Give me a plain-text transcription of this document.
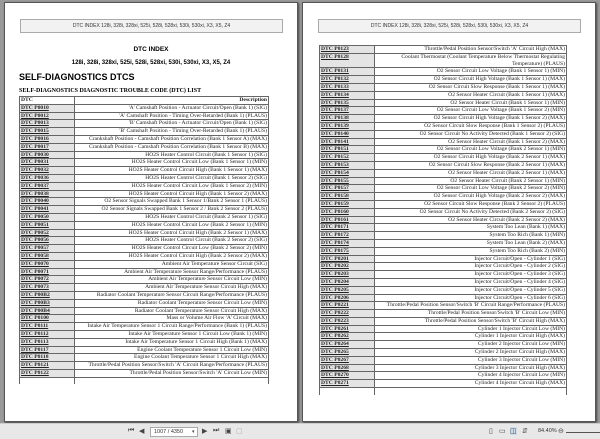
DTC INDEX 128i, 328i, 328xi, 525i, 528i, 528xi, 530i, 530xi, X3, X5, Z4
DTC INDEX
128i, 328i, 328xi, 525i, 528i, 528xi, 530i, 530xi, X3, X5, Z4
SELF-DIAGNOSTICS DTCS
SELF-DIAGNOSTICS DIAGNOSTIC TROUBLE CODE (DTC) LIST
DTC	Description
DTC P0010	'A' Camshaft Position - Actuator Circuit/Open (Bank 1) (SIG)
DTC P0012	'A' Camshaft Position - Timing Over-Retarded (Bank 1) (PLAUS)
DTC P0013	'B' Camshaft Position - Actuator Circuit/Open (Bank 1) (SIG)
DTC P0015	'B' Camshaft Position - Timing Over-Retarded (Bank 1) (PLAUS)
DTC P0016	Crankshaft Position - Camshaft Position Correlation (Bank 1 Sensor A) (MAX)
DTC P0017	Crankshaft Position - Camshaft Position Correlation (Bank 1 Sensor B) (MAX)
DTC P0030	HO2S Heater Control Circuit (Bank 1 Sensor 1) (SIG)
DTC P0031	HO2S Heater Control Circuit Low (Bank 1 Sensor 1) (MIN)
DTC P0032	HO2S Heater Control Circuit High (Bank 1 Sensor 1) (MAX)
DTC P0036	HO2S Heater Control Circuit (Bank 1 Sensor 2) (SIG)
DTC P0037	HO2S Heater Control Circuit Low (Bank 1 Sensor 2) (MIN)
DTC P0038	HO2S Heater Control Circuit High (Bank 1 Sensor 2) (MAX)
DTC P0040	O2 Sensor Signals Swapped Bank 1 Sensor 1/Bank 2 Sensor 1 (PLAUS)
DTC P0041	O2 Sensor Signals Swapped Bank 1 Sensor 2 / Bank 2 Sensor 2 (PLAUS)
DTC P0050	HO2S Heater Control Circuit (Bank 2 Sensor 1) (SIG)
DTC P0051	HO2S Heater Control Circuit Low (Bank 2 Sensor 1) (MIN)
DTC P0052	HO2S Heater Control Circuit High (Bank 2 Sensor 1) (MAX)
DTC P0056	HO2S Heater Control Circuit (Bank 2 Sensor 2) (SIG)
DTC P0057	HO2S Heater Control Circuit Low (Bank 2 Sensor 2) (MIN)
DTC P0058	HO2S Heater Control Circuit High (Bank 2 Sensor 2) (MAX)
DTC P0070	Ambient Air Temperature Sensor Circuit (SIG)
DTC P0071	Ambient Air Temperature Sensor Range/Performance (PLAUS)
DTC P0072	Ambient Air Temperature Sensor Circuit Low (MIN)
DTC P0073	Ambient Air Temperature Sensor Circuit High (MAX)
DTC P00B2	Radiator Coolant Temperature Sensor Circuit Range/Performance (PLAUS)
DTC P00B3	Radiator Coolant Temperature Sensor Circuit Low (MIN)
DTC P00B4	Radiator Coolant Temperature Sensor Circuit High (MAX)
DTC P0100	Mass or Volume Air Flow 'A' Circuit (MAX)
DTC P0111	Intake Air Temperature Sensor 1 Circuit Range/Performance (Bank 1) (PLAUS)
DTC P0112	Intake Air Temperature Sensor 1 Circuit Low (Bank 1) (MIN)
DTC P0113	Intake Air Temperature Sensor 1 Circuit High (Bank 1) (MAX)
DTC P0117	Engine Coolant Temperature Sensor 1 Circuit Low (MIN)
DTC P0118	Engine Coolant Temperature Sensor 1 Circuit High (MAX)
DTC P0121	Throttle/Pedal Position Sensor/Switch 'A' Circuit Range/Performance (PLAUS)
DTC P0122	Throttle/Pedal Position Sensor/Switch 'A' Circuit Low (MIN)

DTC INDEX 128i, 328i, 328xi, 525i, 528i, 528xi, 530i, 530xi, X3, X5, Z4
DTC P0123	Throttle/Pedal Position Sensor/Switch 'A' Circuit High (MAX)
DTC P0128	Coolant Thermostat (Coolant Temperature Below Thermostat Regulating Temperature) (PLAUS)
DTC P0131	O2 Sensor Circuit Low Voltage (Bank 1 Sensor 1) (MIN)
DTC P0132	O2 Sensor Circuit High Voltage (Bank 1 Sensor 1) (MAX)
DTC P0133	O2 Sensor Circuit Slow Response (Bank 1 Sensor 1) (MAX)
DTC P0134	O2 Sensor Heater Circuit (Bank 1 Sensor 1) (MAX)
DTC P0135	O2 Sensor Heater Circuit (Bank 1 Sensor 1) (MIN)
DTC P0137	O2 Sensor Circuit Low Voltage (Bank 1 Sensor 2) (MIN)
DTC P0138	O2 Sensor Circuit High Voltage (Bank 1 Sensor 2) (MAX)
DTC P0139	O2 Sensor Circuit Slow Response (Bank 1 Sensor 2) (PLAUS)
DTC P0140	O2 Sensor Circuit No Activity Detected (Bank 1 Sensor 2) (SIG)
DTC P0141	O2 Sensor Heater Circuit (Bank 1 Sensor 2) (MAX)
DTC P0151	O2 Sensor Circuit Low Voltage (Bank 2 Sensor 1) (MIN)
DTC P0152	O2 Sensor Circuit High Voltage (Bank 2 Sensor 1) (MAX)
DTC P0153	O2 Sensor Circuit Slow Response (Bank 2 Sensor 1) (MAX)
DTC P0154	O2 Sensor Heater Circuit (Bank 2 Sensor 1) (MAX)
DTC P0155	O2 Sensor Heater Circuit (Bank 2 Sensor 1) (MIN)
DTC P0157	O2 Sensor Circuit Low Voltage (Bank 2 Sensor 2) (MIN)
DTC P0158	O2 Sensor Circuit High Voltage (Bank 2 Sensor 2) (MAX)
DTC P0159	O2 Sensor Circuit Slow Response (Bank 2 Sensor 2) (PLAUS)
DTC P0160	O2 Sensor Circuit No Activity Detected (Bank 2 Sensor 2) (SIG)
DTC P0161	O2 Sensor Heater Circuit (Bank 2 Sensor 2) (MAX)
DTC P0171	System Too Lean (Bank 1) (MAX)
DTC P0172	System Too Rich (Bank 1) (MIN)
DTC P0174	System Too Lean (Bank 2) (MAX)
DTC P0175	System Too Rich (Bank 2) (MIN)
DTC P0201	Injector Circuit/Open - Cylinder 1 (SIG)
DTC P0202	Injector Circuit/Open - Cylinder 2 (SIG)
DTC P0203	Injector Circuit/Open - Cylinder 3 (SIG)
DTC P0204	Injector Circuit/Open - Cylinder 4 (SIG)
DTC P0205	Injector Circuit/Open - Cylinder 5 (SIG)
DTC P0206	Injector Circuit/Open - Cylinder 6 (SIG)
DTC P0221	Throttle/Pedal Position Sensor/Switch 'B' Circuit Range/Performance (PLAUS)
DTC P0222	Throttle/Pedal Position Sensor/Switch 'B' Circuit Low (MIN)
DTC P0223	Throttle/Pedal Position Sensor/Switch 'B' Circuit High (MAX)
DTC P0261	Cylinder 1 Injector Circuit Low (MIN)
DTC P0262	Cylinder 1 Injector Circuit High (MAX)
DTC P0264	Cylinder 2 Injector Circuit Low (MIN)
DTC P0265	Cylinder 2 Injector Circuit High (MAX)
DTC P0267	Cylinder 3 Injector Circuit Low (MIN)
DTC P0268	Cylinder 3 Injector Circuit High (MAX)
DTC P0270	Cylinder 4 Injector Circuit Low (MIN)
DTC P0271	Cylinder 4 Injector Circuit High (MAX)

⏮ ◀	1007 / 4350	▾ ▶ ⏭ ▣ ▢	▯ ▭ ◫ ⇵ 84.40% ⊖
